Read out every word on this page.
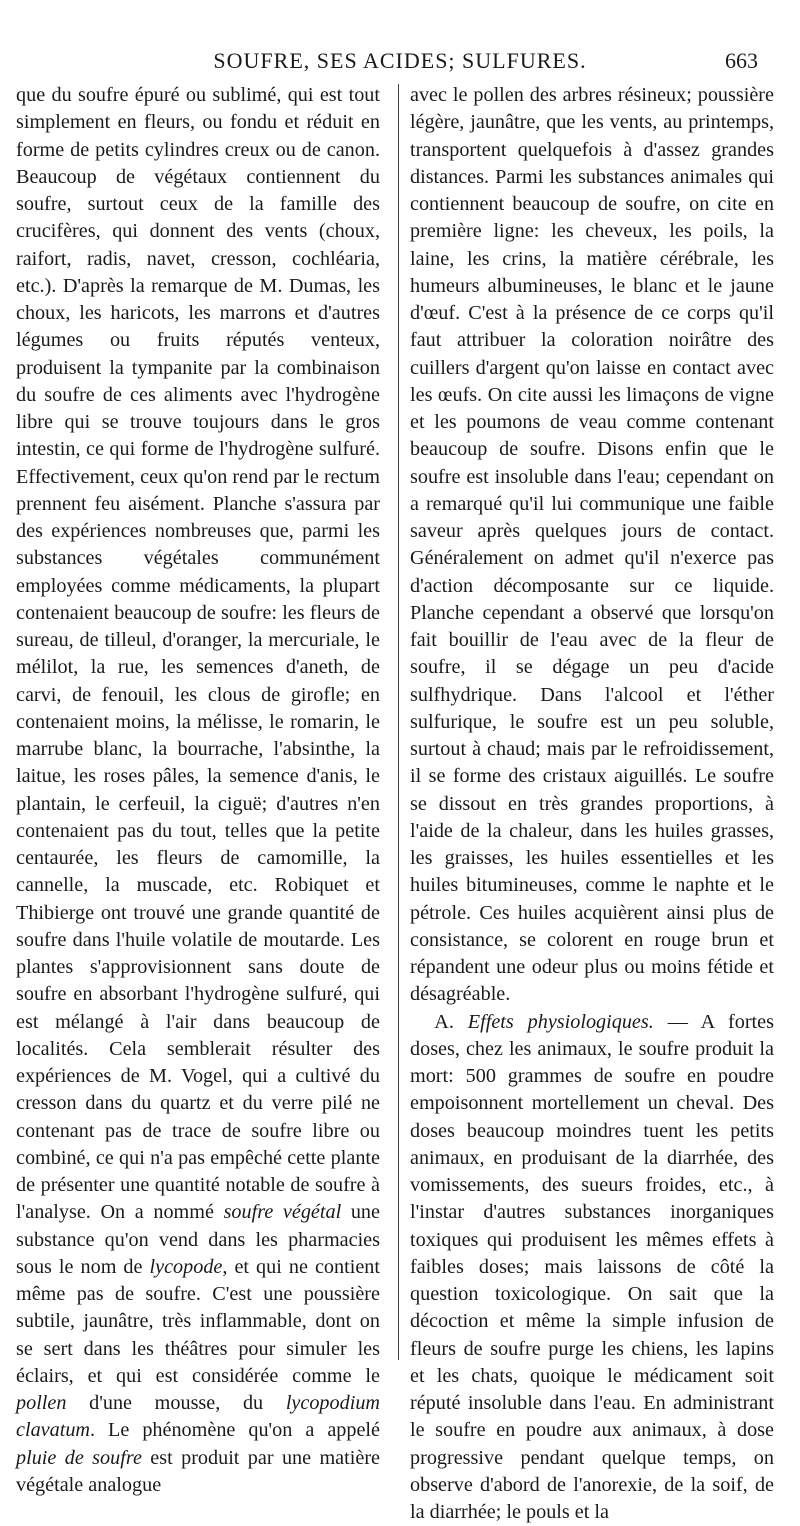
SOUFRE, SES ACIDES; SULFURES.	663

que du soufre épuré ou sublimé, qui est tout simplement en fleurs, ou fondu et réduit en forme de petits cylindres creux ou de canon. Beaucoup de végétaux contiennent du soufre, surtout ceux de la famille des crucifères, qui donnent des vents (choux, raifort, radis, navet, cresson, cochléaria, etc.). D'après la remarque de M. Dumas, les choux, les haricots, les marrons et d'autres légumes ou fruits réputés venteux, produisent la tympanite par la combinaison du soufre de ces aliments avec l'hydrogène libre qui se trouve toujours dans le gros intestin, ce qui forme de l'hydrogène sulfuré. Effectivement, ceux qu'on rend par le rectum prennent feu aisément. Planche s'assura par des expériences nombreuses que, parmi les substances végétales communément employées comme médicaments, la plupart contenaient beaucoup de soufre: les fleurs de sureau, de tilleul, d'oranger, la mercuriale, le mélilot, la rue, les semences d'aneth, de carvi, de fenouil, les clous de girofle; en contenaient moins, la mélisse, le romarin, le marrube blanc, la bourrache, l'absinthe, la laitue, les roses pâles, la semence d'anis, le plantain, le cerfeuil, la ciguë; d'autres n'en contenaient pas du tout, telles que la petite centaurée, les fleurs de camomille, la cannelle, la muscade, etc. Robiquet et Thibierge ont trouvé une grande quantité de soufre dans l'huile volatile de moutarde. Les plantes s'approvisionnent sans doute de soufre en absorbant l'hydrogène sulfuré, qui est mélangé à l'air dans beaucoup de localités. Cela semblerait résulter des expériences de M. Vogel, qui a cultivé du cresson dans du quartz et du verre pilé ne contenant pas de trace de soufre libre ou combiné, ce qui n'a pas empêché cette plante de présenter une quantité notable de soufre à l'analyse. On a nommé soufre végétal une substance qu'on vend dans les pharmacies sous le nom de lycopode, et qui ne contient même pas de soufre. C'est une poussière subtile, jaunâtre, très inflammable, dont on se sert dans les théâtres pour simuler les éclairs, et qui est considérée comme le pollen d'une mousse, du lycopodium clavatum. Le phénomène qu'on a appelé pluie de soufre est produit par une matière végétale analogue

avec le pollen des arbres résineux; poussière légère, jaunâtre, que les vents, au printemps, transportent quelquefois à d'assez grandes distances. Parmi les substances animales qui contiennent beaucoup de soufre, on cite en première ligne: les cheveux, les poils, la laine, les crins, la matière cérébrale, les humeurs albumineuses, le blanc et le jaune d'œuf. C'est à la présence de ce corps qu'il faut attribuer la coloration noirâtre des cuillers d'argent qu'on laisse en contact avec les œufs. On cite aussi les limaçons de vigne et les poumons de veau comme contenant beaucoup de soufre. Disons enfin que le soufre est insoluble dans l'eau; cependant on a remarqué qu'il lui communique une faible saveur après quelques jours de contact. Généralement on admet qu'il n'exerce pas d'action décomposante sur ce liquide. Planche cependant a observé que lorsqu'on fait bouillir de l'eau avec de la fleur de soufre, il se dégage un peu d'acide sulfhydrique. Dans l'alcool et l'éther sulfurique, le soufre est un peu soluble, surtout à chaud; mais par le refroidissement, il se forme des cristaux aiguillés. Le soufre se dissout en très grandes proportions, à l'aide de la chaleur, dans les huiles grasses, les graisses, les huiles essentielles et les huiles bitumineuses, comme le naphte et le pétrole. Ces huiles acquièrent ainsi plus de consistance, se colorent en rouge brun et répandent une odeur plus ou moins fétide et désagréable.

A. Effets physiologiques. — A fortes doses, chez les animaux, le soufre produit la mort: 500 grammes de soufre en poudre empoisonnent mortellement un cheval. Des doses beaucoup moindres tuent les petits animaux, en produisant de la diarrhée, des vomissements, des sueurs froides, etc., à l'instar d'autres substances inorganiques toxiques qui produisent les mêmes effets à faibles doses; mais laissons de côté la question toxicologique. On sait que la décoction et même la simple infusion de fleurs de soufre purge les chiens, les lapins et les chats, quoique le médicament soit réputé insoluble dans l'eau. En administrant le soufre en poudre aux animaux, à dose progressive pendant quelque temps, on observe d'abord de l'anorexie, de la soif, de la diarrhée; le pouls et la
